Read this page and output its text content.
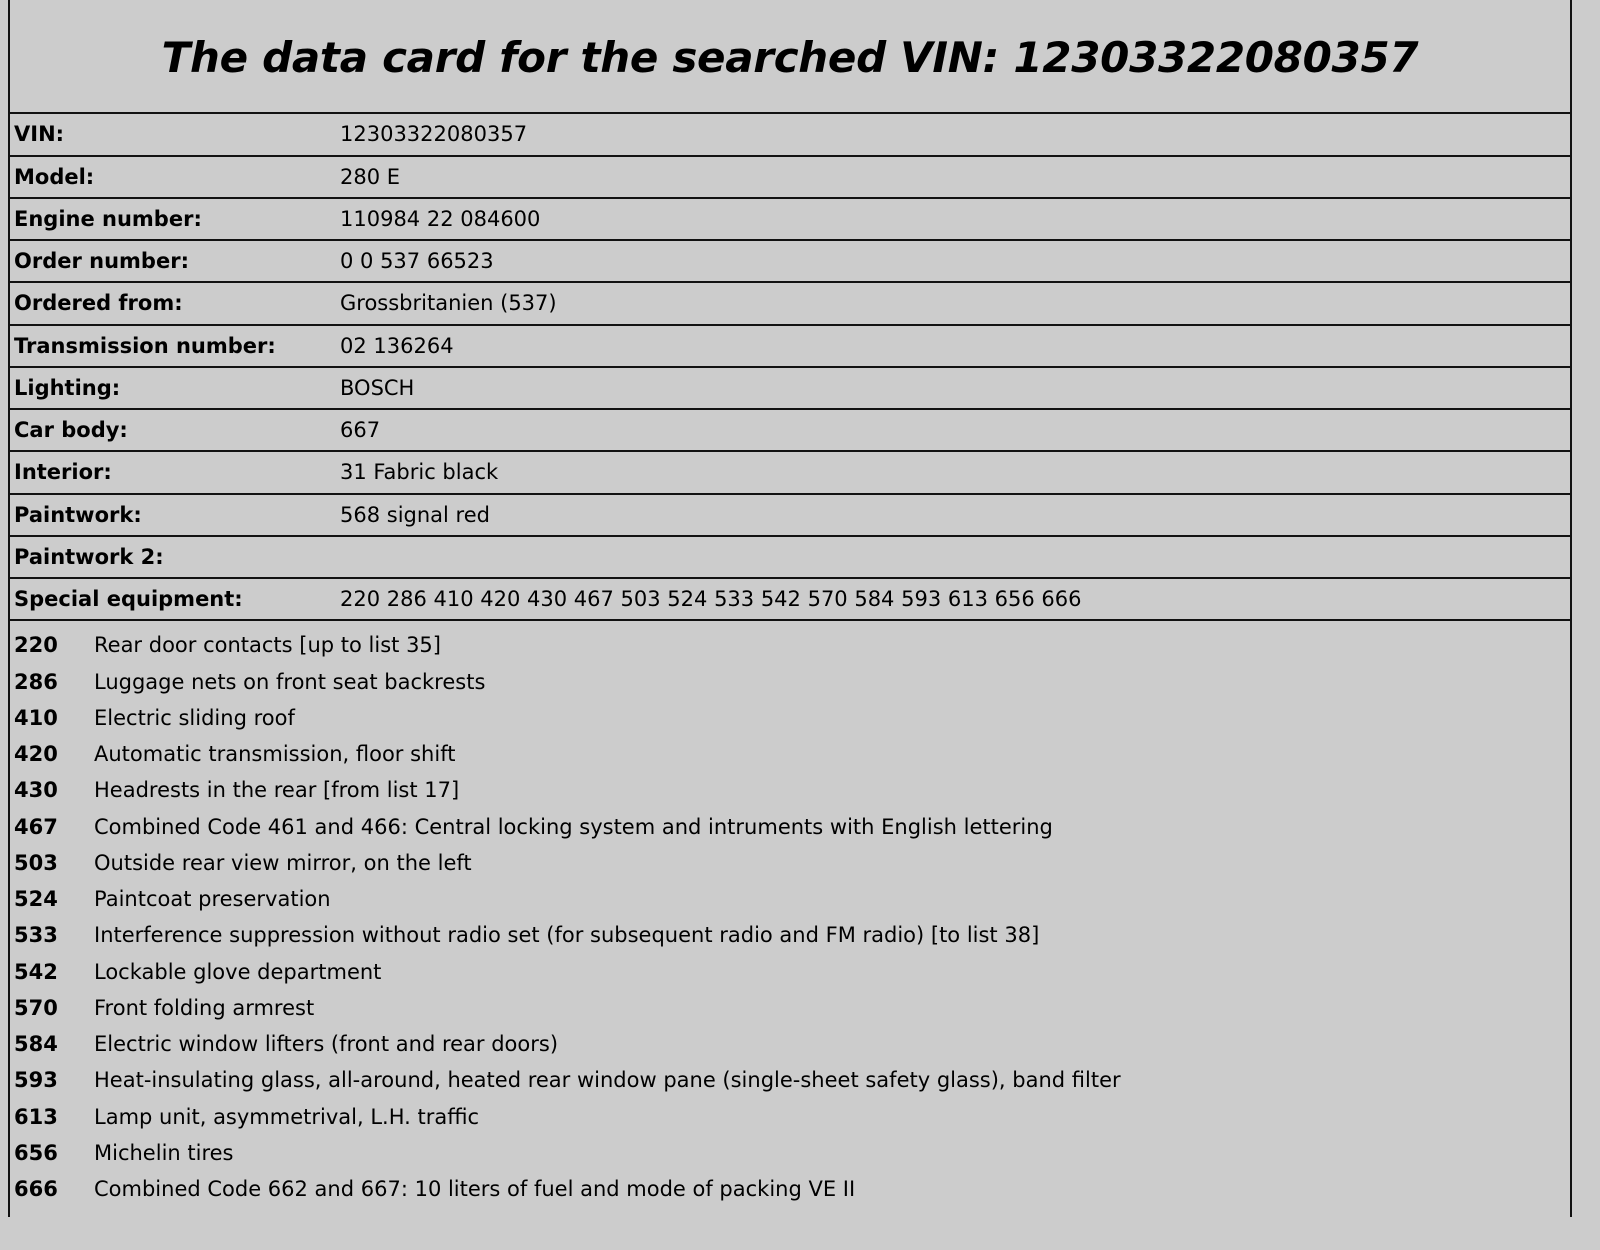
The data card for the searched VIN: 12303322080357
VIN:	12303322080357
Model:	280 E
Engine number:	110984 22 084600
Order number:	0 0 537 66523
Ordered from:	Grossbritanien (537)
Transmission number:	02 136264
Lighting:	BOSCH
Car body:	667
Interior:	31 Fabric black
Paintwork:	568 signal red
Paintwork 2:	
Special equipment:	220 286 410 420 430 467 503 524 533 542 570 584 593 613 656 666
220	Rear door contacts [up to list 35]
286	Luggage nets on front seat backrests
410	Electric sliding roof
420	Automatic transmission, floor shift
430	Headrests in the rear [from list 17]
467	Combined Code 461 and 466: Central locking system and intruments with English lettering
503	Outside rear view mirror, on the left
524	Paintcoat preservation
533	Interference suppression without radio set (for subsequent radio and FM radio) [to list 38]
542	Lockable glove department
570	Front folding armrest
584	Electric window lifters (front and rear doors)
593	Heat-insulating glass, all-around, heated rear window pane (single-sheet safety glass), band filter
613	Lamp unit, asymmetrival, L.H. traffic
656	Michelin tires
666	Combined Code 662 and 667: 10 liters of fuel and mode of packing VE II
